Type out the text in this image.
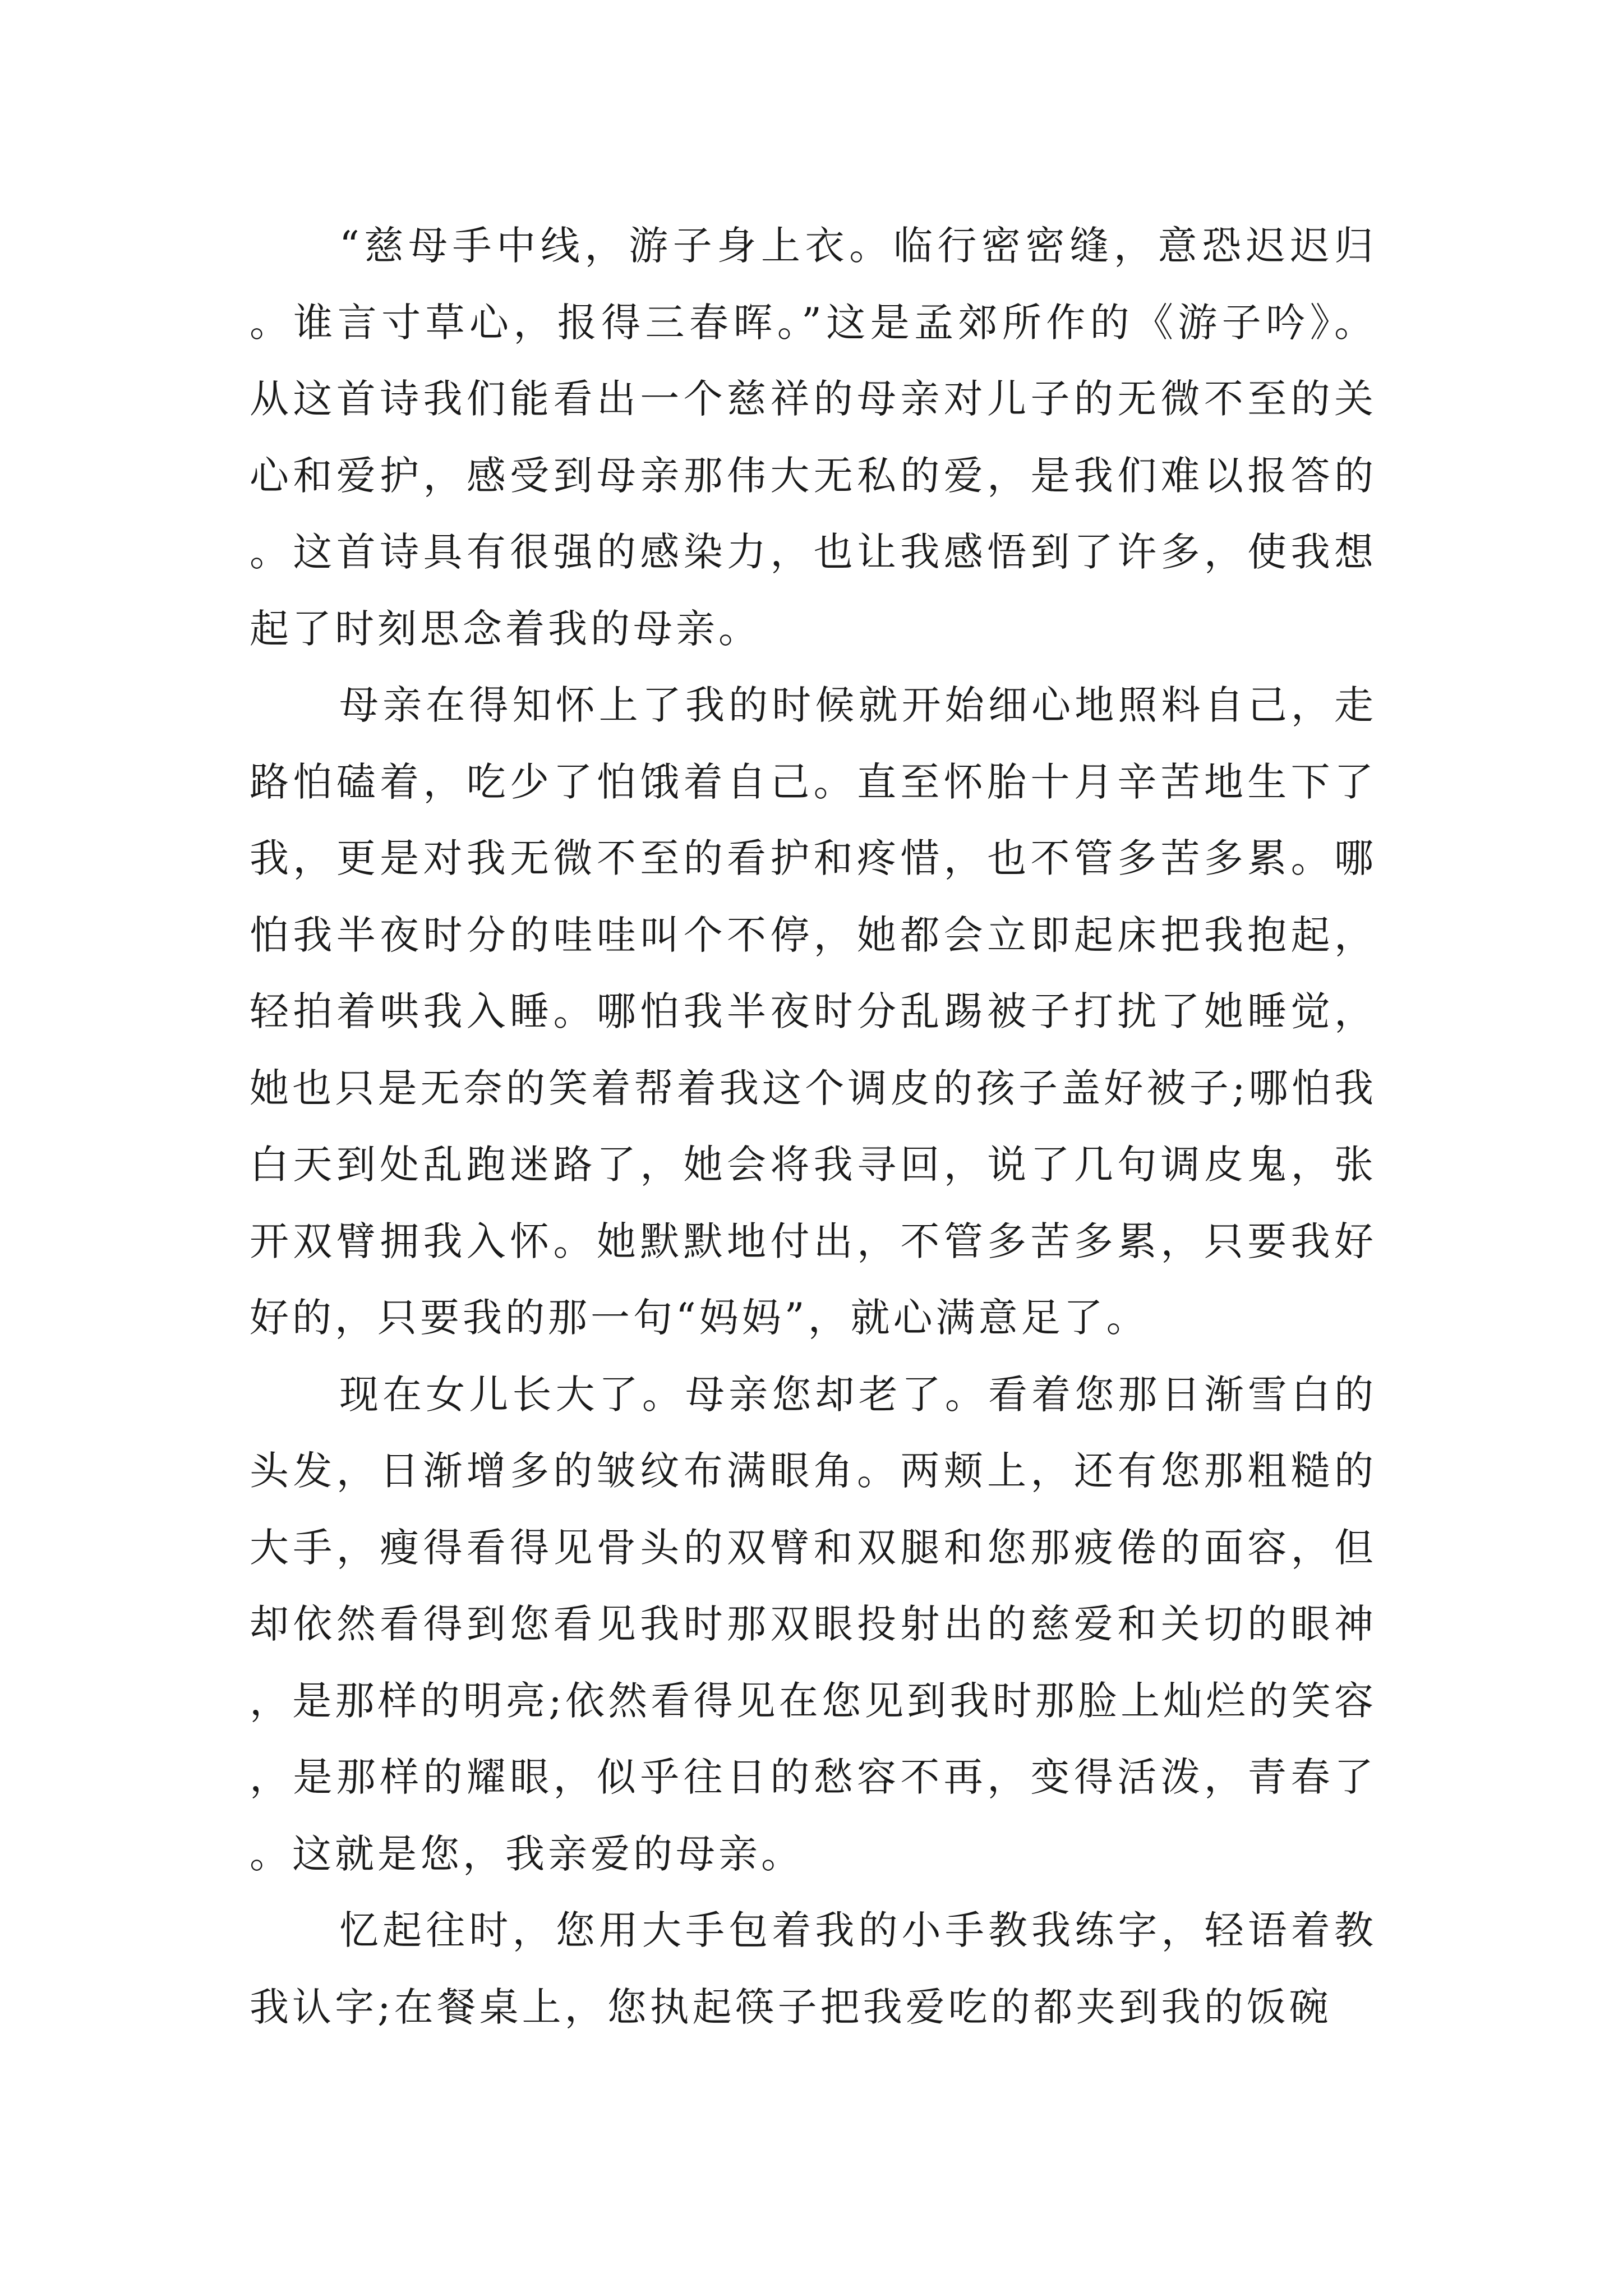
“慈母手中线，游子身上衣。临行密密缝，意恐迟迟归。谁言寸草心，报得三春晖。”这是孟郊所作的《游子吟》。从这首诗我们能看出一个慈祥的母亲对儿子的无微不至的关心和爱护，感受到母亲那伟大无私的爱，是我们难以报答的。这首诗具有很强的感染力，也让我感悟到了许多，使我想起了时刻思念着我的母亲。

母亲在得知怀上了我的时候就开始细心地照料自己，走路怕磕着，吃少了怕饿着自己。直至怀胎十月辛苦地生下了我，更是对我无微不至的看护和疼惜，也不管多苦多累。哪怕我半夜时分的哇哇叫个不停，她都会立即起床把我抱起，轻拍着哄我入睡。哪怕我半夜时分乱踢被子打扰了她睡觉，她也只是无奈的笑着帮着我这个调皮的孩子盖好被子;哪怕我白天到处乱跑迷路了，她会将我寻回，说了几句调皮鬼，张开双臂拥我入怀。她默默地付出，不管多苦多累，只要我好好的，只要我的那一句“妈妈”，就心满意足了。

现在女儿长大了。母亲您却老了。看着您那日渐雪白的头发，日渐增多的皱纹布满眼角。两颊上，还有您那粗糙的大手，瘦得看得见骨头的双臂和双腿和您那疲倦的面容，但却依然看得到您看见我时那双眼投射出的慈爱和关切的眼神，是那样的明亮;依然看得见在您见到我时那脸上灿烂的笑容，是那样的耀眼，似乎往日的愁容不再，变得活泼，青春了。这就是您，我亲爱的母亲。

忆起往时，您用大手包着我的小手教我练字，轻语着教我认字;在餐桌上，您执起筷子把我爱吃的都夹到我的饭碗
